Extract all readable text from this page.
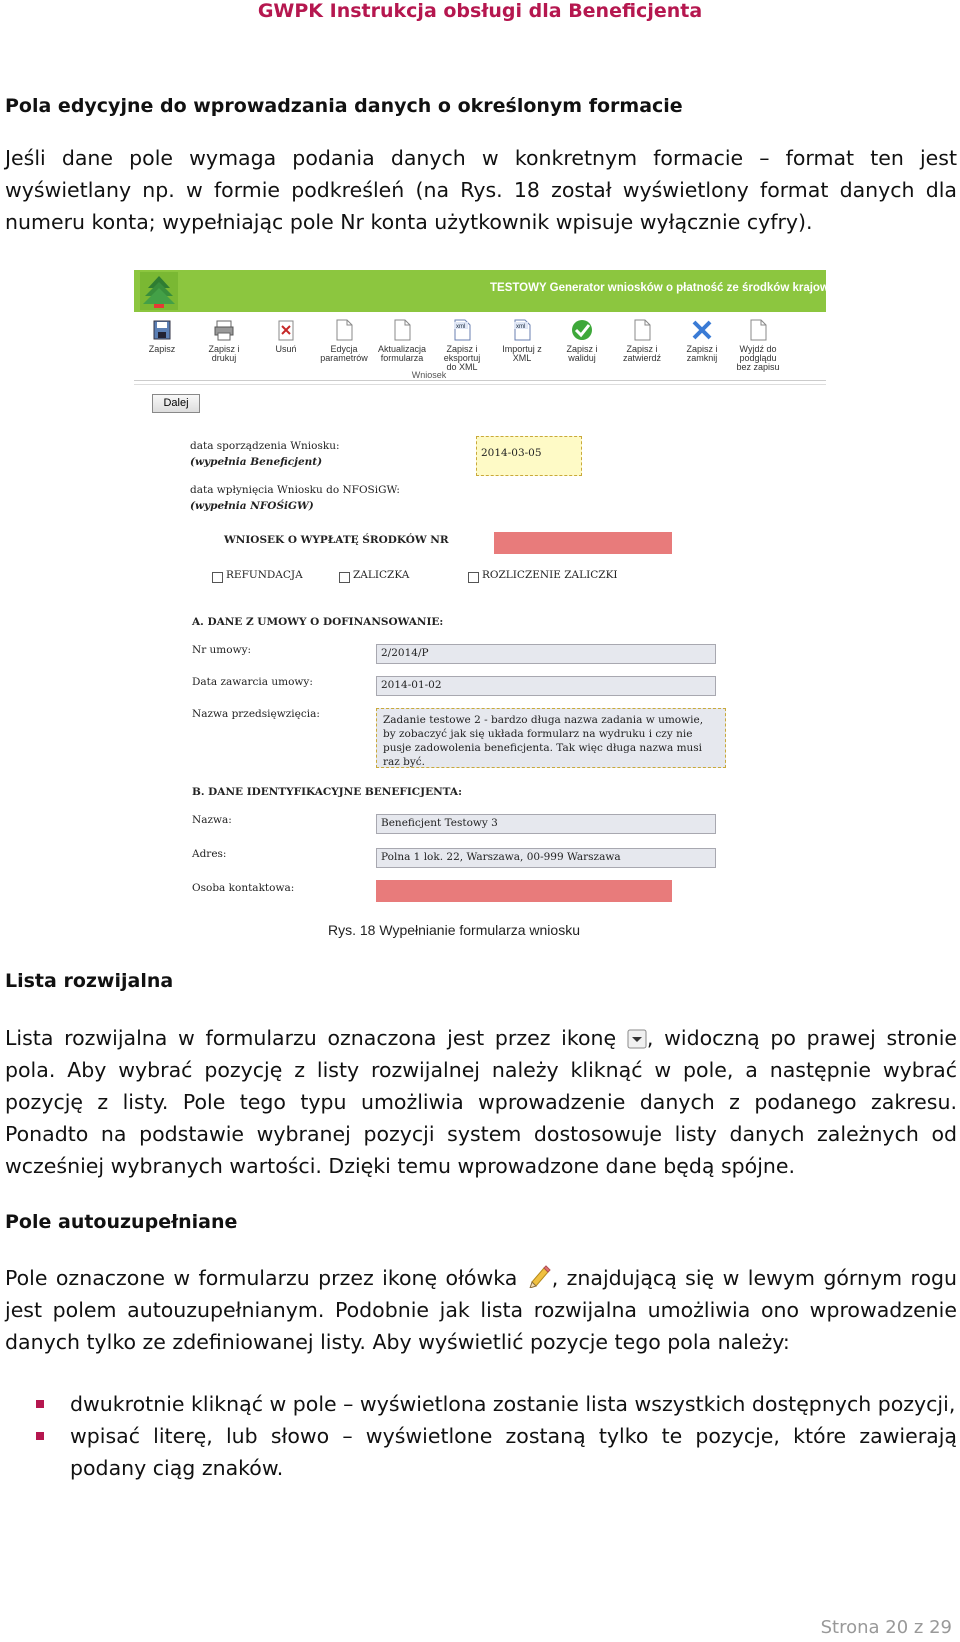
GWPK Instrukcja obsługi dla Beneficjenta
Pola edycyjne do wprowadzania danych o określonym formacie
Jeśli dane pole wymaga podania danych w konkretnym formacie – format ten jest wyświetlany np. w formie podkreśleń (na Rys. 18 został wyświetlony format danych dla numeru konta; wypełniając pole Nr konta użytkownik wpisuje wyłącznie cyfry).
TESTOWY Generator wniosków o płatność ze środków krajowych
Wniosek
Dalej
data sporządzenia Wniosku:
(wypełnia Beneficjent)
2014-03-05
data wpłynięcia Wniosku do NFOSiGW:
(wypełnia NFOŚiGW)
WNIOSEK O WYPŁATĘ ŚRODKÓW NR
REFUNDACJA	ZALICZKA	ROZLICZENIE ZALICZKI
A. DANE Z UMOWY O DOFINANSOWANIE:
Nr umowy:	2/2014/P
Data zawarcia umowy:	2014-01-02
Nazwa przedsięwzięcia:	Zadanie testowe 2 - bardzo długa nazwa zadania w umowie, by zobaczyć jak się układa formularz na wydruku i czy nie pusje zadowolenia beneficjenta. Tak więc długa nazwa musi raz być.
B. DANE IDENTYFIKACYJNE BENEFICJENTA:
Nazwa:	Beneficjent Testowy 3
Adres:	Polna 1 lok. 22, Warszawa, 00-999 Warszawa
Osoba kontaktowa:
Zapisz	Zapisz i
drukuj
Usuń	Edycja
parametrów
Aktualizacja
formularza
xml
Zapisz i
eksportuj
do XML
xml
Importuj z
XML
Zapisz i
waliduj
Zapisz i
zatwierdź
Zapisz i
zamknij
Wyjdź do
podglądu
bez zapisu
Rys. 18 Wypełnianie formularza wniosku
Lista rozwijalna
Lista rozwijalna w formularzu oznaczona jest przez ikonę , widoczną po prawej stronie pola. Aby wybrać pozycję z listy rozwijalnej należy kliknąć w pole, a następnie wybrać pozycję z listy. Pole tego typu umożliwia wprowadzenie danych z podanego zakresu. Ponadto na podstawie wybranej pozycji system dostosowuje listy danych zależnych od wcześniej wybranych wartości. Dzięki temu wprowadzone dane będą spójne.
Pole autouzupełniane
Pole oznaczone w formularzu przez ikonę ołówka , znajdującą się w lewym górnym rogu jest polem autouzupełnianym. Podobnie jak lista rozwijalna umożliwia ono wprowadzenie danych tylko ze zdefiniowanej listy. Aby wyświetlić pozycje tego pola należy:
dwukrotnie kliknąć w pole – wyświetlona zostanie lista wszystkich dostępnych pozycji,
wpisać literę, lub słowo – wyświetlone zostaną tylko te pozycje, które zawierają podany ciąg znaków.
Strona 20 z 29
